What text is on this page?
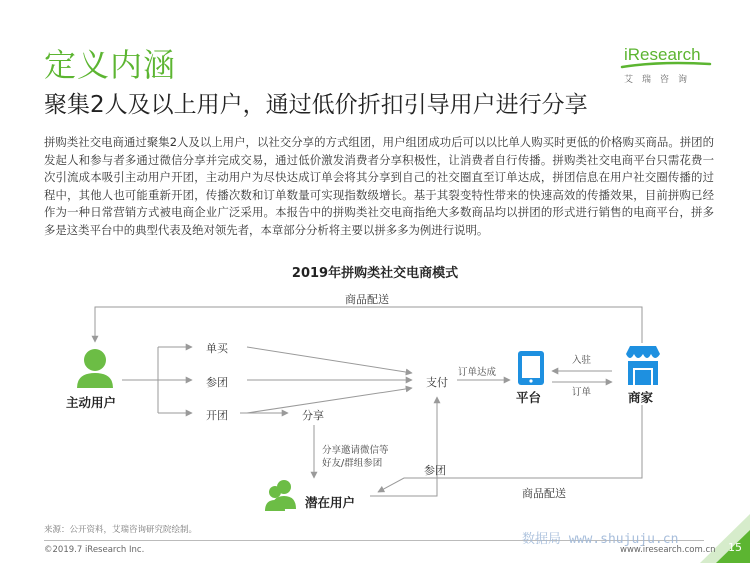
定义内涵	iResearch
艾瑞咨询
聚集2人及以上用户，通过低价折扣引导用户进行分享
拼购类社交电商通过聚集2人及以上用户，以社交分享的方式组团，用户组团成功后可以以比单人购买时更低的价格购买商品。拼团的发起人和参与者多通过微信分享并完成交易，通过低价激发消费者分享积极性，让消费者自行传播。拼购类社交电商平台只需花费一次引流成本吸引主动用户开团，主动用户为尽快达成订单会将其分享到自己的社交圈直至订单达成，拼团信息在用户社交圈传播的过程中，其他人也可能重新开团，传播次数和订单数量可实现指数级增长。基于其裂变特性带来的快速高效的传播效果，目前拼购已经作为一种日常营销方式被电商企业广泛采用。本报告中的拼购类社交电商指绝大多数商品均以拼团的形式进行销售的电商平台，拼多多是这类平台中的典型代表及绝对领先者，本章部分分析将主要以拼多多为例进行说明。
2019年拼购类社交电商模式
商品配送
主动用户
单买
参团
开团	分享
分享邀请微信等
好友/群组参团
参团
支付
订单达成
平台
入驻
订单	商家
商品配送
潜在用户
来源：公开资料，艾瑞咨询研究院绘制。
©2019.7 iResearch Inc.
数据局 www.shujuju.cn
www.iresearch.com.cn 15
